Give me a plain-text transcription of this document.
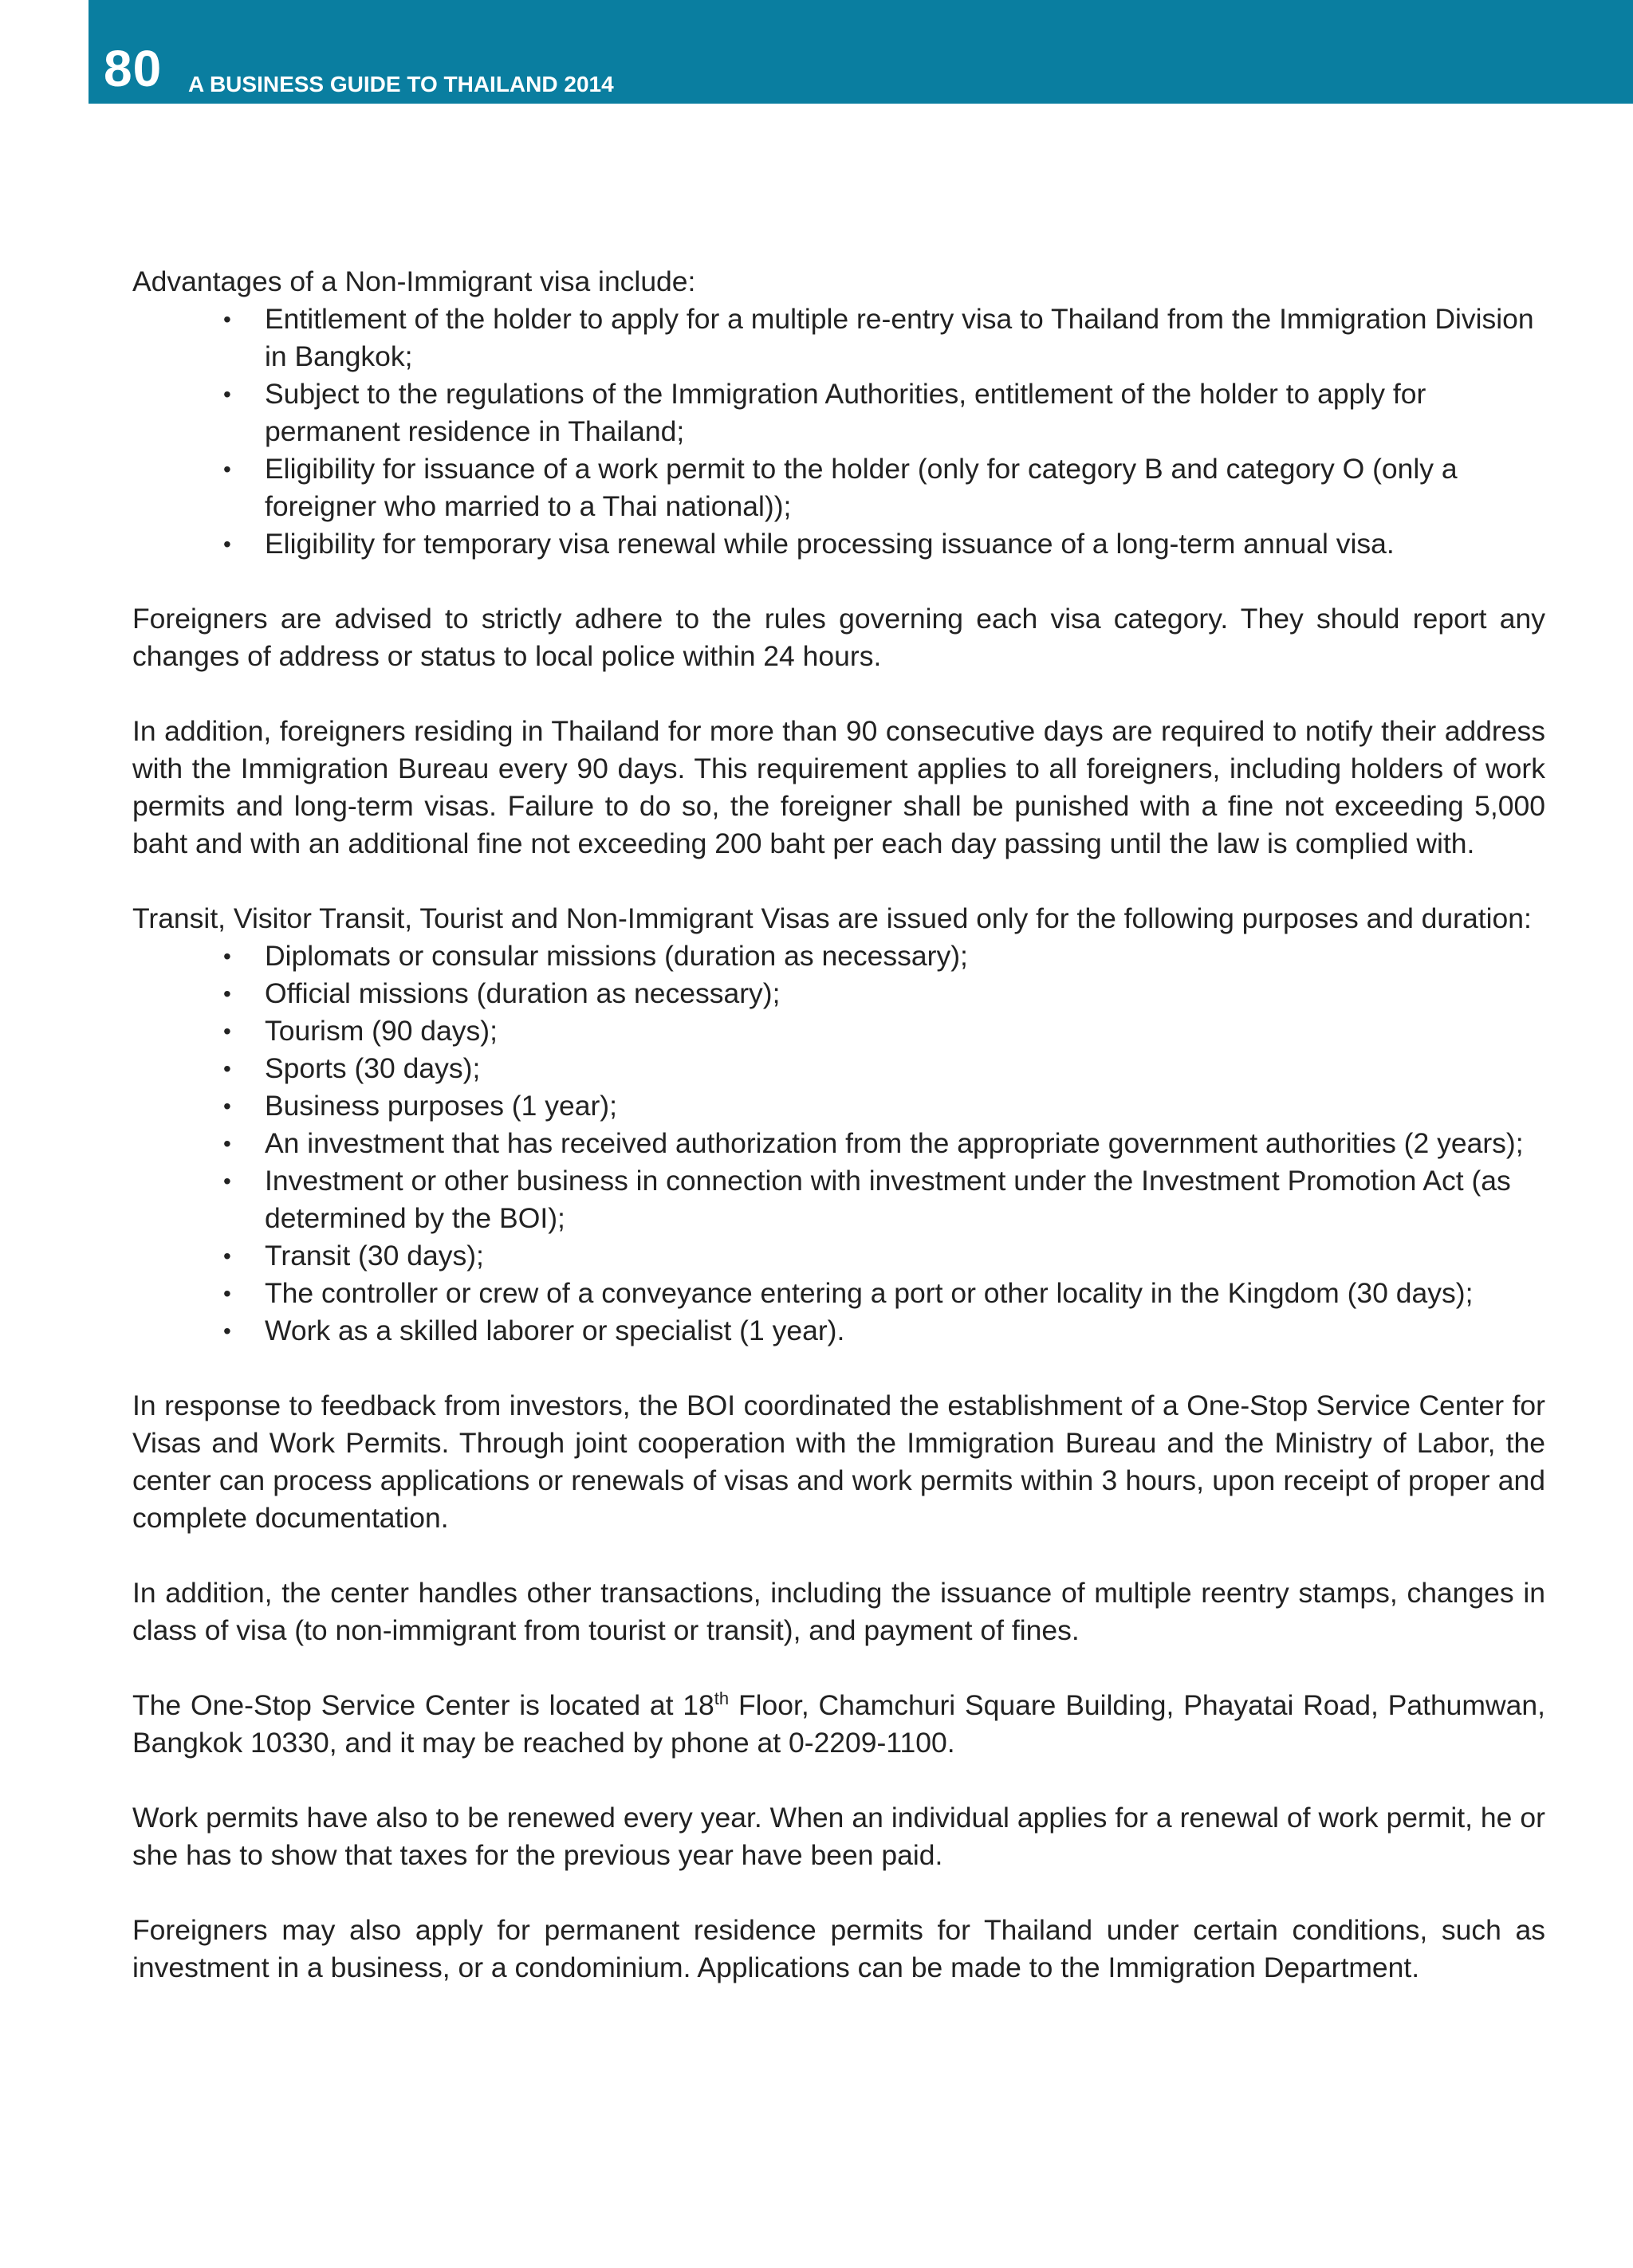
80 A BUSINESS GUIDE TO THAILAND 2014

Advantages of a Non-Immigrant visa include:

• Entitlement of the holder to apply for a multiple re-entry visa to Thailand from the Immigration Division in Bangkok;
• Subject to the regulations of the Immigration Authorities, entitlement of the holder to apply for permanent residence in Thailand;
• Eligibility for issuance of a work permit to the holder (only for category B and category O (only a foreigner who married to a Thai national));
• Eligibility for temporary visa renewal while processing issuance of a long-term annual visa.

Foreigners are advised to strictly adhere to the rules governing each visa category. They should report any changes of address or status to local police within 24 hours.

In addition, foreigners residing in Thailand for more than 90 consecutive days are required to notify their address with the Immigration Bureau every 90 days. This requirement applies to all foreigners, including holders of work permits and long-term visas. Failure to do so, the foreigner shall be punished with a fine not exceeding 5,000 baht and with an additional fine not exceeding 200 baht per each day passing until the law is complied with.

Transit, Visitor Transit, Tourist and Non-Immigrant Visas are issued only for the following purposes and duration:

• Diplomats or consular missions (duration as necessary);
• Official missions (duration as necessary);
• Tourism (90 days);
• Sports (30 days);
• Business purposes (1 year);
• An investment that has received authorization from the appropriate government authorities (2 years);
• Investment or other business in connection with investment under the Investment Promotion Act (as determined by the BOI);
• Transit (30 days);
• The controller or crew of a conveyance entering a port or other locality in the Kingdom (30 days);
• Work as a skilled laborer or specialist (1 year).

In response to feedback from investors, the BOI coordinated the establishment of a One-Stop Service Center for Visas and Work Permits. Through joint cooperation with the Immigration Bureau and the Ministry of Labor, the center can process applications or renewals of visas and work permits within 3 hours, upon receipt of proper and complete documentation.

In addition, the center handles other transactions, including the issuance of multiple reentry stamps, changes in class of visa (to non-immigrant from tourist or transit), and payment of fines.

The One-Stop Service Center is located at 18th Floor, Chamchuri Square Building, Phayatai Road, Pathumwan, Bangkok 10330, and it may be reached by phone at 0-2209-1100.

Work permits have also to be renewed every year. When an individual applies for a renewal of work permit, he or she has to show that taxes for the previous year have been paid.

Foreigners may also apply for permanent residence permits for Thailand under certain conditions, such as investment in a business, or a condominium. Applications can be made to the Immigration Department.
